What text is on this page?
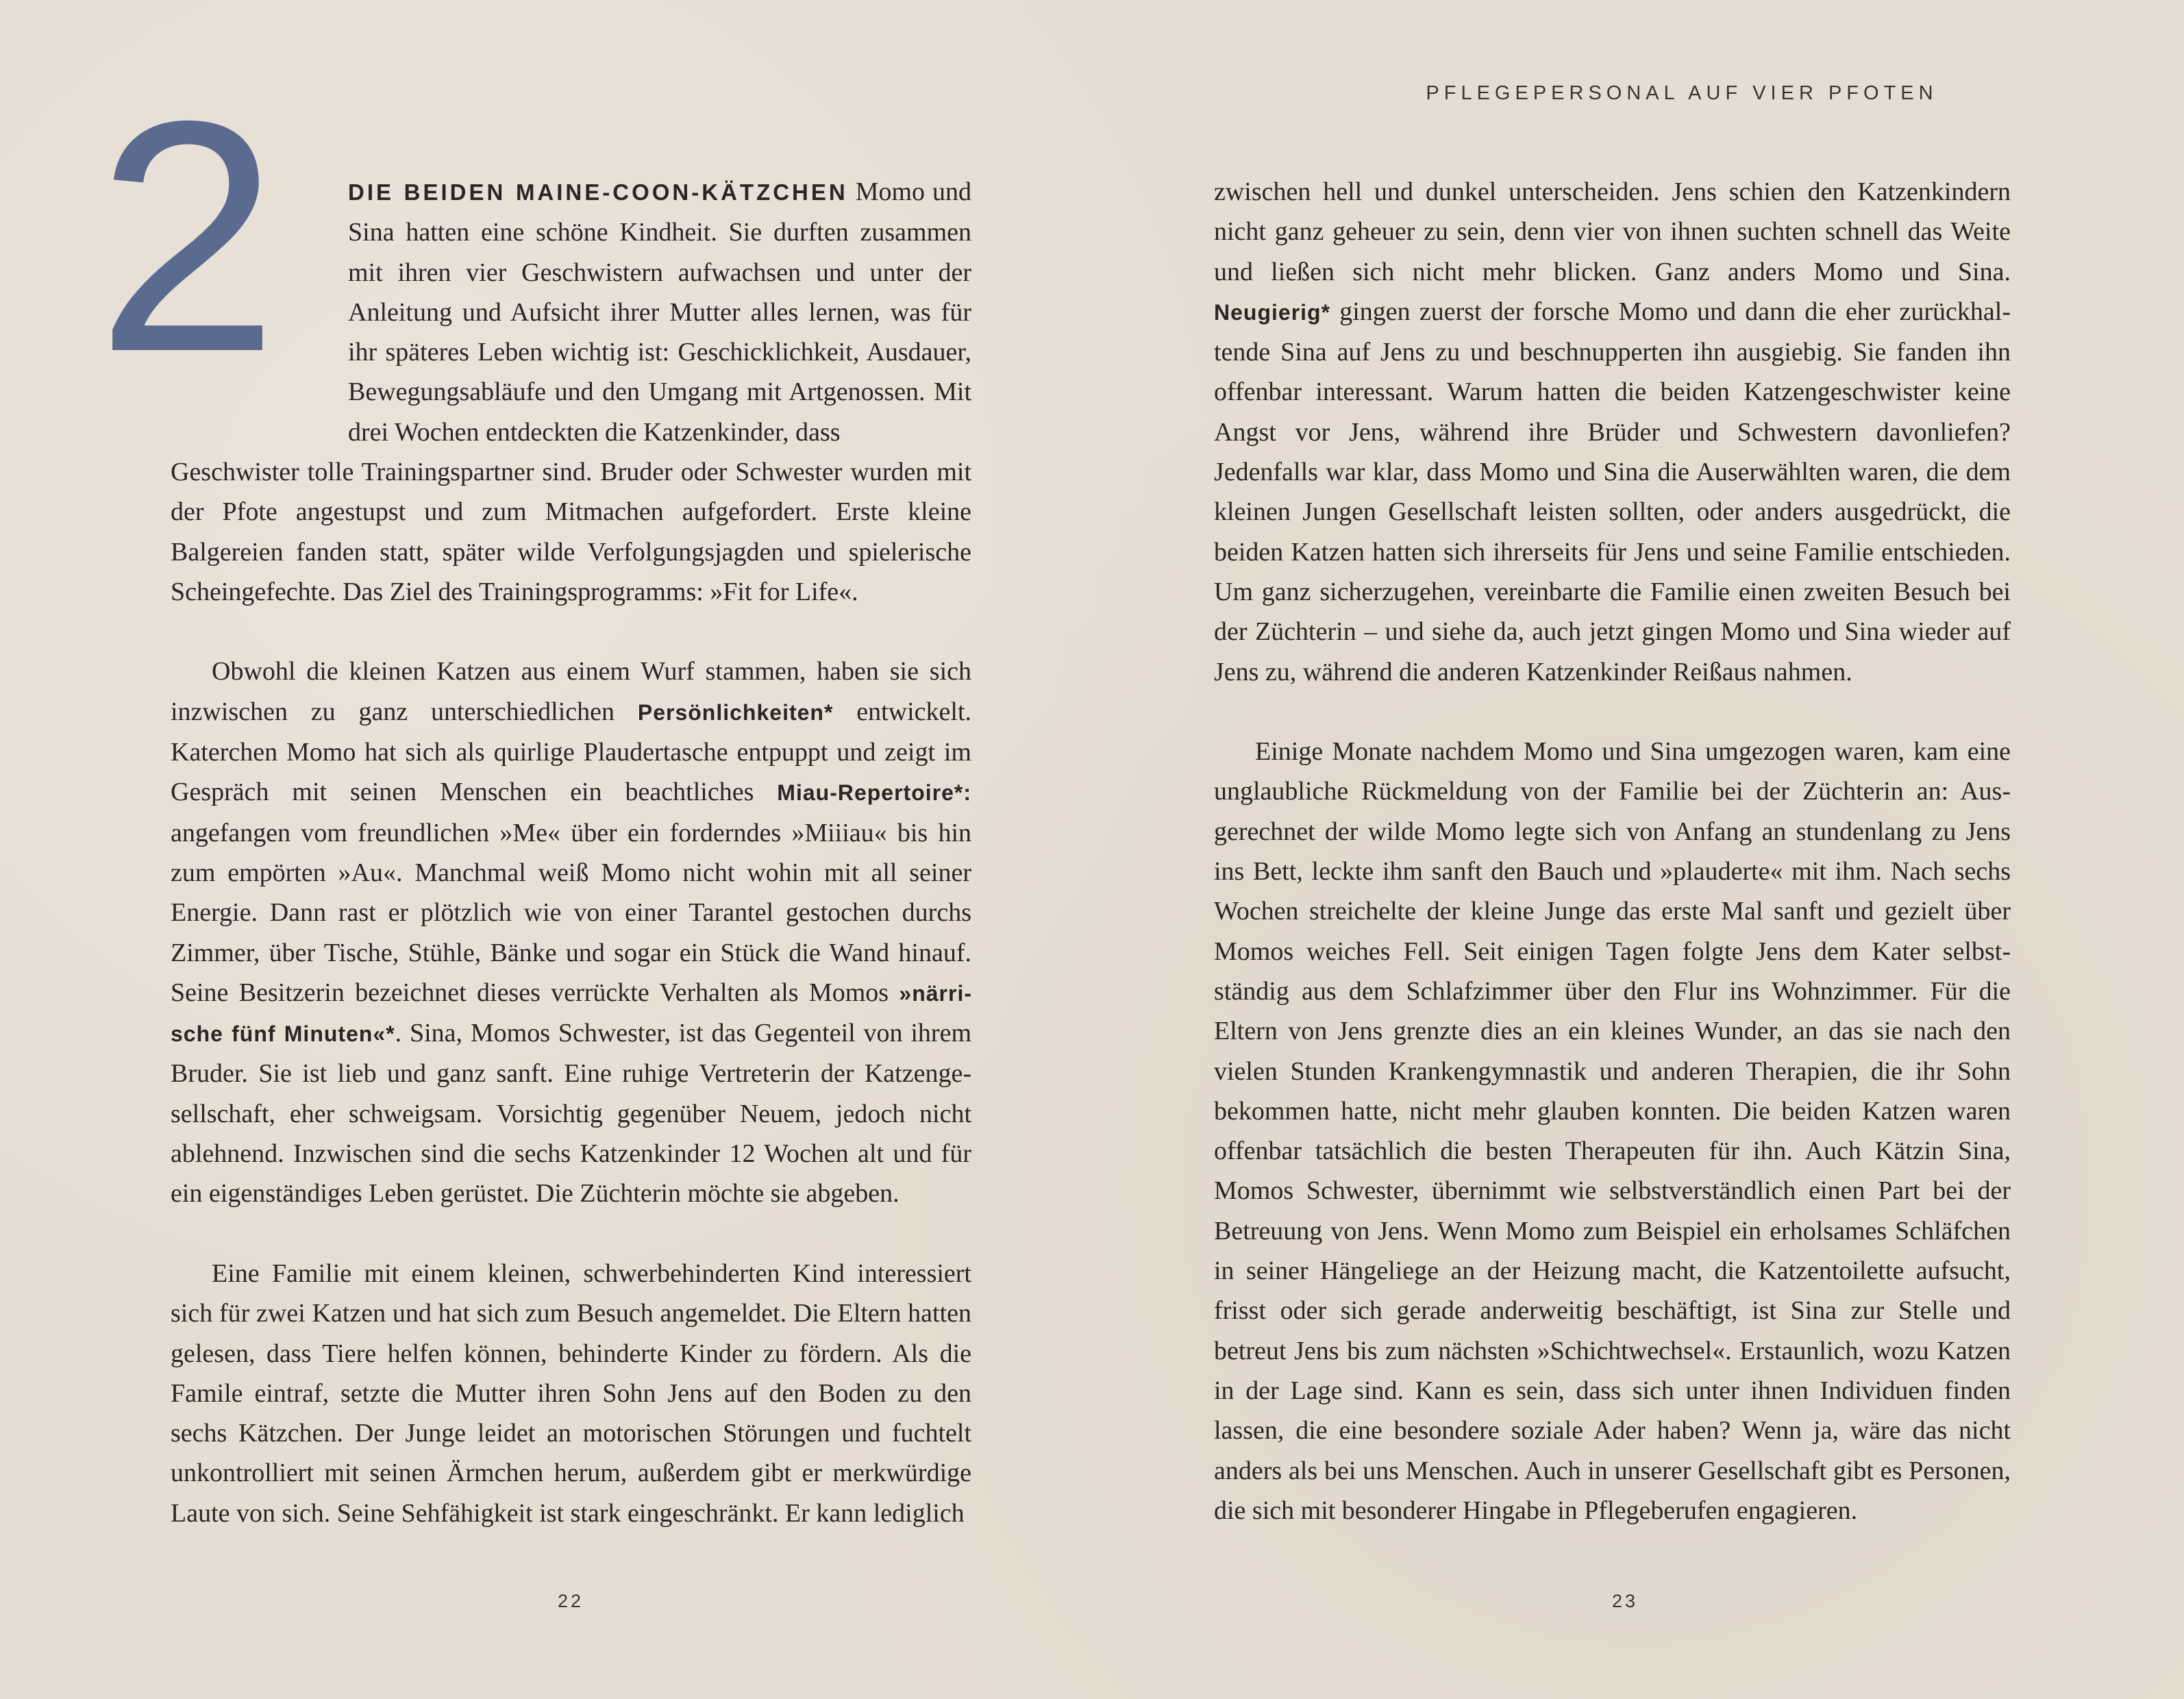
2	DIE BEIDEN MAINE-COON-KÄTZCHEN Momo und Sina hatten eine schöne Kindheit. Sie durften zusammen mit ihren vier Geschwistern aufwachsen und unter der Anleitung und Aufsicht ihrer Mutter alles lernen, was für ihr späteres Leben wichtig ist: Geschicklichkeit, Ausdauer, Bewegungsabläufe und den Umgang mit Artgenossen. Mit drei Wochen entdeckten die Katzenkinder, dass

Geschwister tolle Trainingspartner sind. Bruder oder Schwester wurden mit der Pfote angestupst und zum Mitmachen aufgefordert. Erste kleine Balgereien fanden statt, später wilde Verfolgungsjagden und spielerische Scheingefechte. Das Ziel des Trainingsprogramms: »Fit for Life«.

Obwohl die kleinen Katzen aus einem Wurf stammen, haben sie sich inzwischen zu ganz unterschiedlichen Persönlichkeiten* entwickelt. Katerchen Momo hat sich als quirlige Plaudertasche entpuppt und zeigt im Gespräch mit seinen Menschen ein beachtliches Miau-Repertoire*: angefangen vom freundlichen »Me« über ein forderndes »Miiiau« bis hin zum empörten »Au«. Manchmal weiß Momo nicht wohin mit all seiner Energie. Dann rast er plötzlich wie von einer Tarantel gestochen durchs Zimmer, über Tische, Stühle, Bänke und sogar ein Stück die Wand hinauf. Seine Besitzerin bezeichnet dieses verrückte Verhalten als Momos »närrische fünf Minuten«*. Sina, Momos Schwester, ist das Gegenteil von ihrem Bruder. Sie ist lieb und ganz sanft. Eine ruhige Vertreterin der Katzengesellschaft, eher schweigsam. Vorsichtig gegenüber Neuem, jedoch nicht ablehnend. Inzwischen sind die sechs Katzenkinder 12 Wochen alt und für ein eigenständiges Leben gerüstet. Die Züchterin möchte sie abgeben.

Eine Familie mit einem kleinen, schwerbehinderten Kind interessiert sich für zwei Katzen und hat sich zum Besuch angemeldet. Die Eltern hatten gelesen, dass Tiere helfen können, behinderte Kinder zu fördern. Als die Famile eintraf, setzte die Mutter ihren Sohn Jens auf den Boden zu den sechs Kätzchen. Der Junge leidet an motorischen Störungen und fuchtelt unkontrolliert mit seinen Ärmchen herum, außerdem gibt er merkwürdige Laute von sich. Seine Sehfähigkeit ist stark eingeschränkt. Er kann lediglich

22
PFLEGEPERSONAL AUF VIER PFOTEN

zwischen hell und dunkel unterscheiden. Jens schien den Katzenkindern nicht ganz geheuer zu sein, denn vier von ihnen suchten schnell das Weite und ließen sich nicht mehr blicken. Ganz anders Momo und Sina. Neugierig* gingen zuerst der forsche Momo und dann die eher zurückhaltende Sina auf Jens zu und beschnupperten ihn ausgiebig. Sie fanden ihn offenbar interessant. Warum hatten die beiden Katzengeschwister keine Angst vor Jens, während ihre Brüder und Schwestern davonliefen? Jedenfalls war klar, dass Momo und Sina die Auserwählten waren, die dem kleinen Jungen Gesellschaft leisten sollten, oder anders ausgedrückt, die beiden Katzen hatten sich ihrerseits für Jens und seine Familie entschieden. Um ganz sicherzugehen, vereinbarte die Familie einen zweiten Besuch bei der Züchterin – und siehe da, auch jetzt gingen Momo und Sina wieder auf Jens zu, während die anderen Katzenkinder Reißaus nahmen.

Einige Monate nachdem Momo und Sina umgezogen waren, kam eine unglaubliche Rückmeldung von der Familie bei der Züchterin an: Ausgerechnet der wilde Momo legte sich von Anfang an stundenlang zu Jens ins Bett, leckte ihm sanft den Bauch und »plauderte« mit ihm. Nach sechs Wochen streichelte der kleine Junge das erste Mal sanft und gezielt über Momos weiches Fell. Seit einigen Tagen folgte Jens dem Kater selbstständig aus dem Schlafzimmer über den Flur ins Wohnzimmer. Für die Eltern von Jens grenzte dies an ein kleines Wunder, an das sie nach den vielen Stunden Krankengymnastik und anderen Therapien, die ihr Sohn bekommen hatte, nicht mehr glauben konnten. Die beiden Katzen waren offenbar tatsächlich die besten Therapeuten für ihn. Auch Kätzin Sina, Momos Schwester, übernimmt wie selbstverständlich einen Part bei der Betreuung von Jens. Wenn Momo zum Beispiel ein erholsames Schläfchen in seiner Hängeliege an der Heizung macht, die Katzentoilette aufsucht, frisst oder sich gerade anderweitig beschäftigt, ist Sina zur Stelle und betreut Jens bis zum nächsten »Schichtwechsel«. Erstaunlich, wozu Katzen in der Lage sind. Kann es sein, dass sich unter ihnen Individuen finden lassen, die eine besondere soziale Ader haben? Wenn ja, wäre das nicht anders als bei uns Menschen. Auch in unserer Gesellschaft gibt es Personen, die sich mit besonderer Hingabe in Pflegeberufen engagieren.

23
